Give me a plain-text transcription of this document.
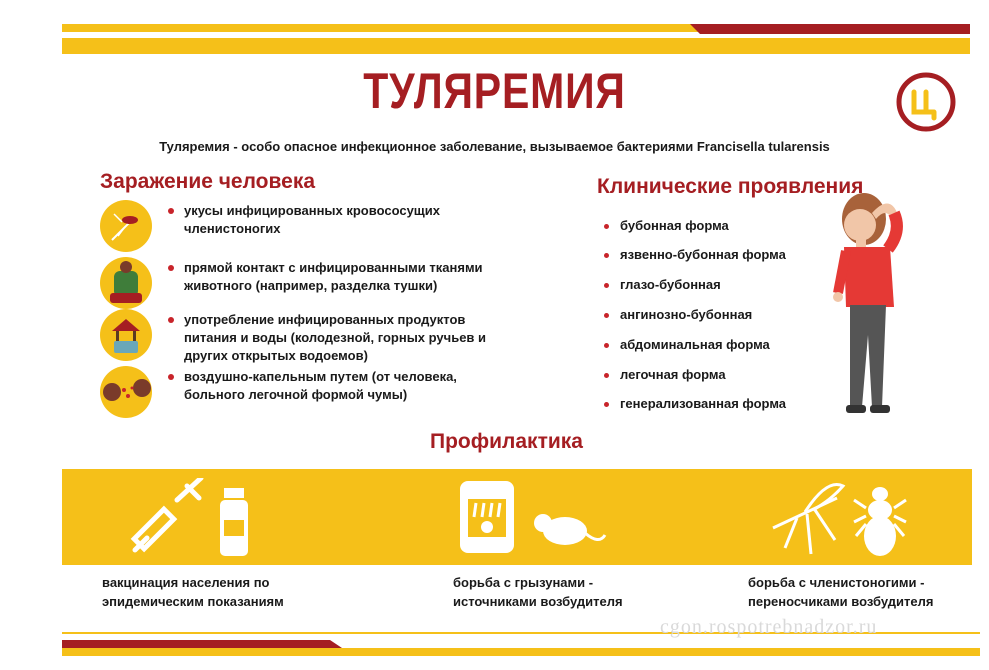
ТУЛЯРЕМИЯ
Туляремия - особо опасное инфекционное заболевание, вызываемое бактериями Francisella tularensis
Заражение человека
укусы инфицированных кровососущих членистоногих
прямой контакт с инфицированными тканями животного (например, разделка тушки)
употребление инфицированных продуктов питания и воды (колодезной, горных ручьев и других открытых водоемов)
воздушно-капельным путем (от человека, больного легочной формой чумы)
Клинические проявления
бубонная форма
язвенно-бубонная форма
глазо-бубонная
ангинозно-бубонная
абдоминальная форма
легочная форма
генерализованная форма
Профилактика
вакцинация населения по эпидемическим показаниям
борьба с грызунами - источниками возбудителя
борьба с членистоногими - переносчиками возбудителя
cgon.rospotrebnadzor.ru
